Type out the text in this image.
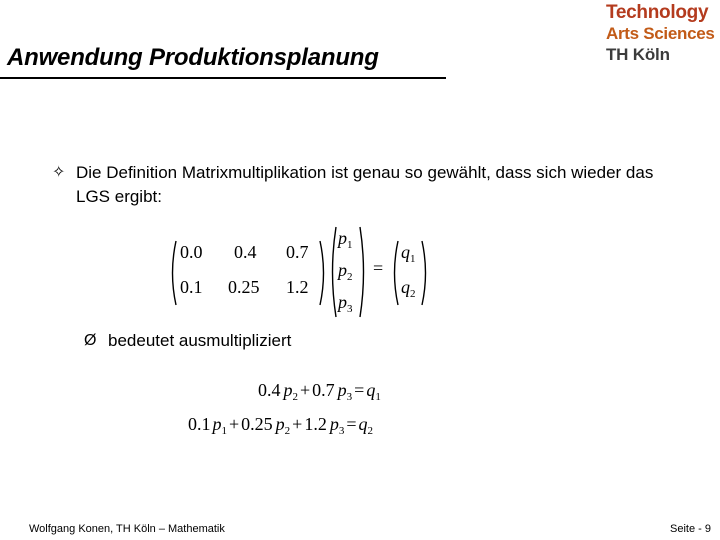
Anwendung Produktionsplanung
Technology
Arts Sciences
TH Köln
✧ Die Definition Matrixmultiplikation ist genau so gewählt, dass sich wieder das LGS ergibt:
0.0 0.4 0.7
0.1 0.25 1.2
$p_1$
$p_2$
$p_3$
=
$q_1$
$q_2$
Ø bedeutet ausmultipliziert
0.4 $p_2 + 0.7$ $p_3 = q_1$
0.1 $p_1 + 0.25$ $p_2 + 1.2$ $p_3 = q_2$
Wolfgang Konen, TH Köln – Mathematik	Seite - 9
